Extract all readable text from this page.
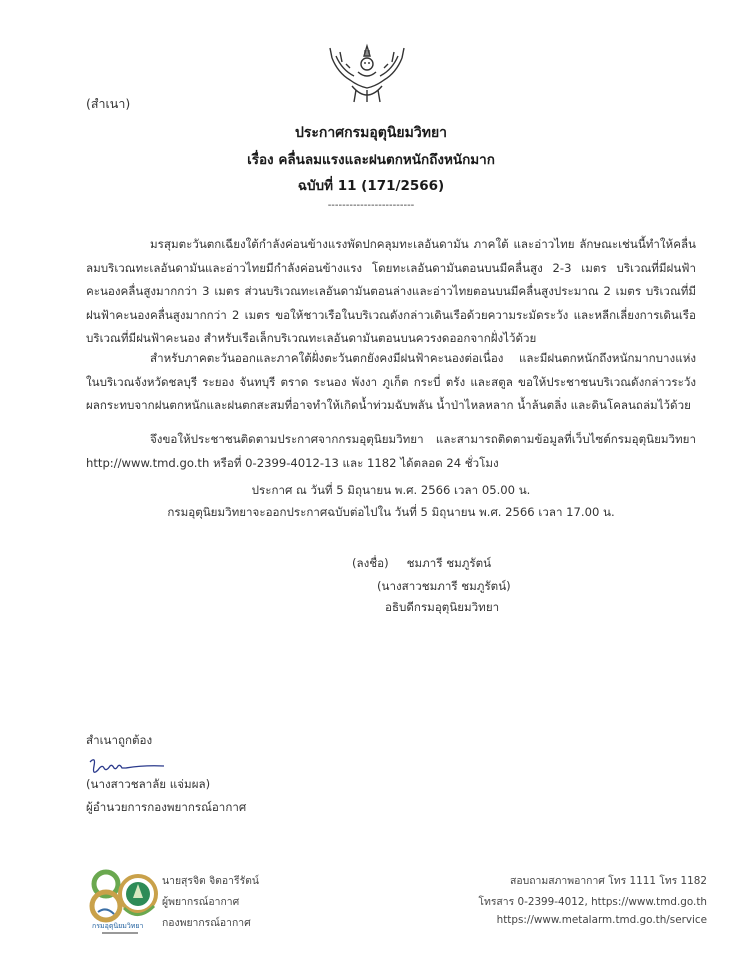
(สำเนา)
ประกาศกรมอุตุนิยมวิทยา
เรื่อง คลื่นลมแรงและฝนตกหนักถึงหนักมาก
ฉบับที่ 11 (171/2566)
------------------------
มรสุมตะวันตกเฉียงใต้กำลังค่อนข้างแรงพัดปกคลุมทะเลอันดามัน ภาคใต้ และอ่าวไทย ลักษณะเช่นนี้ทำให้คลื่นลมบริเวณทะเลอันดามันและอ่าวไทยมีกำลังค่อนข้างแรง โดยทะเลอันดามันตอนบนมีคลื่นสูง 2-3 เมตร บริเวณที่มีฝนฟ้าคะนองคลื่นสูงมากกว่า 3 เมตร ส่วนบริเวณทะเลอันดามันตอนล่างและอ่าวไทยตอนบนมีคลื่นสูงประมาณ 2 เมตร บริเวณที่มีฝนฟ้าคะนองคลื่นสูงมากกว่า 2 เมตร ขอให้ชาวเรือในบริเวณดังกล่าวเดินเรือด้วยความระมัดระวัง และหลีกเลี่ยงการเดินเรือบริเวณที่มีฝนฟ้าคะนอง สำหรับเรือเล็กบริเวณทะเลอันดามันตอนบนควรงดออกจากฝั่งไว้ด้วย
สำหรับภาคตะวันออกและภาคใต้ฝั่งตะวันตกยังคงมีฝนฟ้าคะนองต่อเนื่อง และมีฝนตกหนักถึงหนักมากบางแห่งในบริเวณจังหวัดชลบุรี ระยอง จันทบุรี ตราด ระนอง พังงา ภูเก็ต กระบี่ ตรัง และสตูล ขอให้ประชาชนบริเวณดังกล่าวระวังผลกระทบจากฝนตกหนักและฝนตกสะสมที่อาจทำให้เกิดน้ำท่วมฉับพลัน น้ำป่าไหลหลาก น้ำล้นตลิ่ง และดินโคลนถล่มไว้ด้วย
จึงขอให้ประชาชนติดตามประกาศจากกรมอุตุนิยมวิทยา และสามารถติดตามข้อมูลที่เว็บไซต์กรมอุตุนิยมวิทยา http://www.tmd.go.th หรือที่ 0-2399-4012-13 และ 1182 ได้ตลอด 24 ชั่วโมง
ประกาศ ณ วันที่ 5 มิถุนายน พ.ศ. 2566 เวลา 05.00 น.
กรมอุตุนิยมวิทยาจะออกประกาศฉบับต่อไปใน วันที่ 5 มิถุนายน พ.ศ. 2566 เวลา 17.00 น.
(ลงชื่อ) ชมภารี ชมภูรัตน์
(นางสาวชมภารี ชมภูรัตน์)
อธิบดีกรมอุตุนิยมวิทยา
สำเนาถูกต้อง
(นางสาวชลาลัย แจ่มผล)
ผู้อำนวยการกองพยากรณ์อากาศ
กรมอุตุนิยมวิทยา
นายสุรจิต จิตอารีรัตน์
ผู้พยากรณ์อากาศ
กองพยากรณ์อากาศ
สอบถามสภาพอากาศ โทร 1111 โทร 1182
โทรสาร 0-2399-4012, https://www.tmd.go.th
https://www.metalarm.tmd.go.th/service
